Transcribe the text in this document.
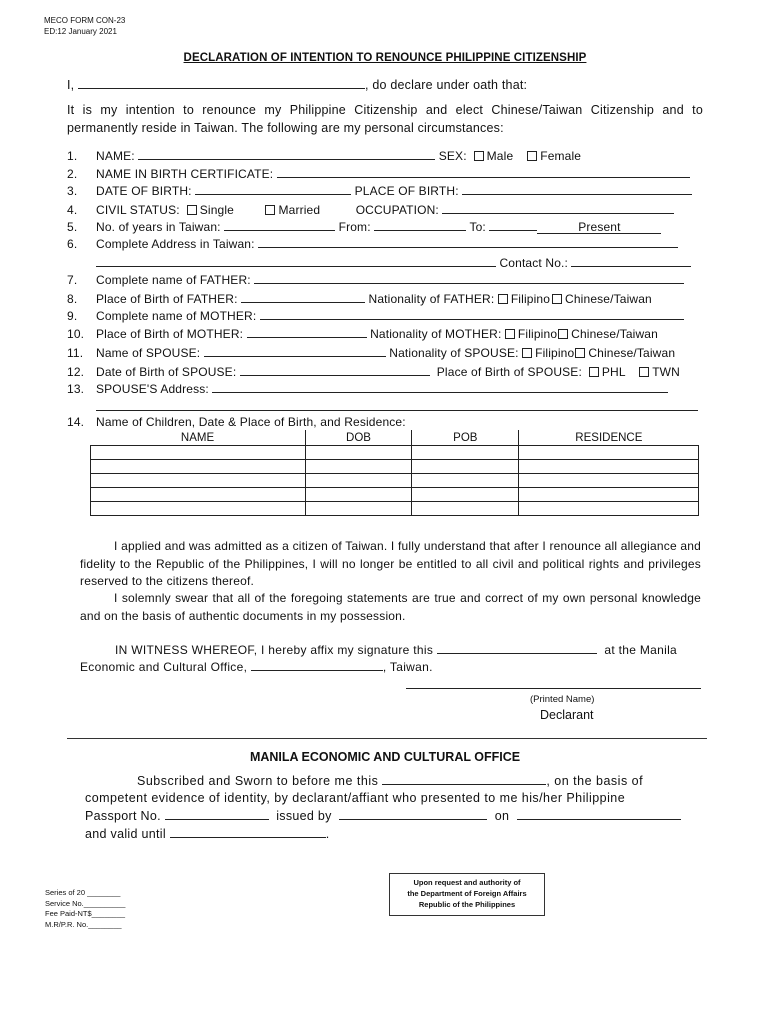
MECO FORM CON-23
ED:12 January 2021
DECLARATION OF INTENTION TO RENOUNCE PHILIPPINE CITIZENSHIP
I,	, do declare under oath that:
It is my intention to renounce my Philippine Citizenship and elect Chinese/Taiwan Citizenship and to permanently reside in Taiwan. The following are my personal circumstances:
1. NAME:	SEX: Male Female
2. NAME IN BIRTH CERTIFICATE:
3. DATE OF BIRTH:	PLACE OF BIRTH:
4. CIVIL STATUS: Single	Married	OCCUPATION:
5. No. of years in Taiwan:	From:	To:	Present
6. Complete Address in Taiwan:
Contact No.:
7. Complete name of FATHER:
8. Place of Birth of FATHER:	Nationality of FATHER: Filipino Chinese/Taiwan
9. Complete name of MOTHER:
10. Place of Birth of MOTHER:	Nationality of MOTHER: Filipino Chinese/Taiwan
11. Name of SPOUSE:	Nationality of SPOUSE: Filipino Chinese/Taiwan
12. Date of Birth of SPOUSE:	Place of Birth of SPOUSE: PHL TWN
13. SPOUSE'S Address:
14. Name of Children, Date & Place of Birth, and Residence:
NAME	DOB	POB	RESIDENCE

I applied and was admitted as a citizen of Taiwan. I fully understand that after I renounce all allegiance and fidelity to the Republic of the Philippines, I will no longer be entitled to all civil and political rights and privileges reserved to the citizens thereof.
I solemnly swear that all of the foregoing statements are true and correct of my own personal knowledge and on the basis of authentic documents in my possession.
IN WITNESS WHEREOF, I hereby affix my signature this	at the Manila
Economic and Cultural Office,	, Taiwan.
(Printed Name)
Declarant
MANILA ECONOMIC AND CULTURAL OFFICE
Subscribed and Sworn to before me this	, on the basis of
competent evidence of identity, by declarant/affiant who presented to me his/her Philippine
Passport No.	issued by	on
and valid until	.
Upon request and authority of
the Department of Foreign Affairs
Republic of the Philippines
Series of 20 ________
Service No.__________
Fee Paid-NT$________
M.R/P.R. No.________
